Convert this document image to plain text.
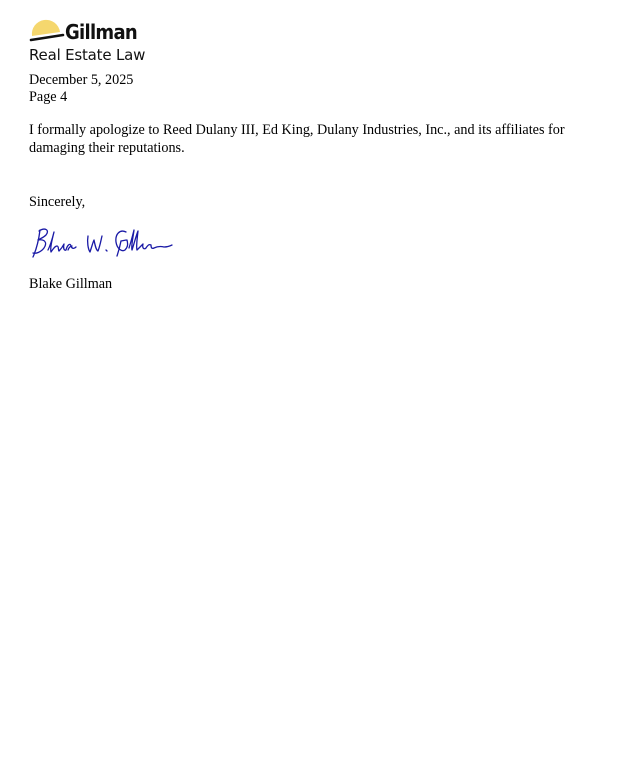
Gillman
Real Estate Law
December 5, 2025
Page 4
I formally apologize to Reed Dulany III, Ed King, Dulany Industries, Inc., and its affiliates for damaging their reputations.
Sincerely,
Blake Gillman
